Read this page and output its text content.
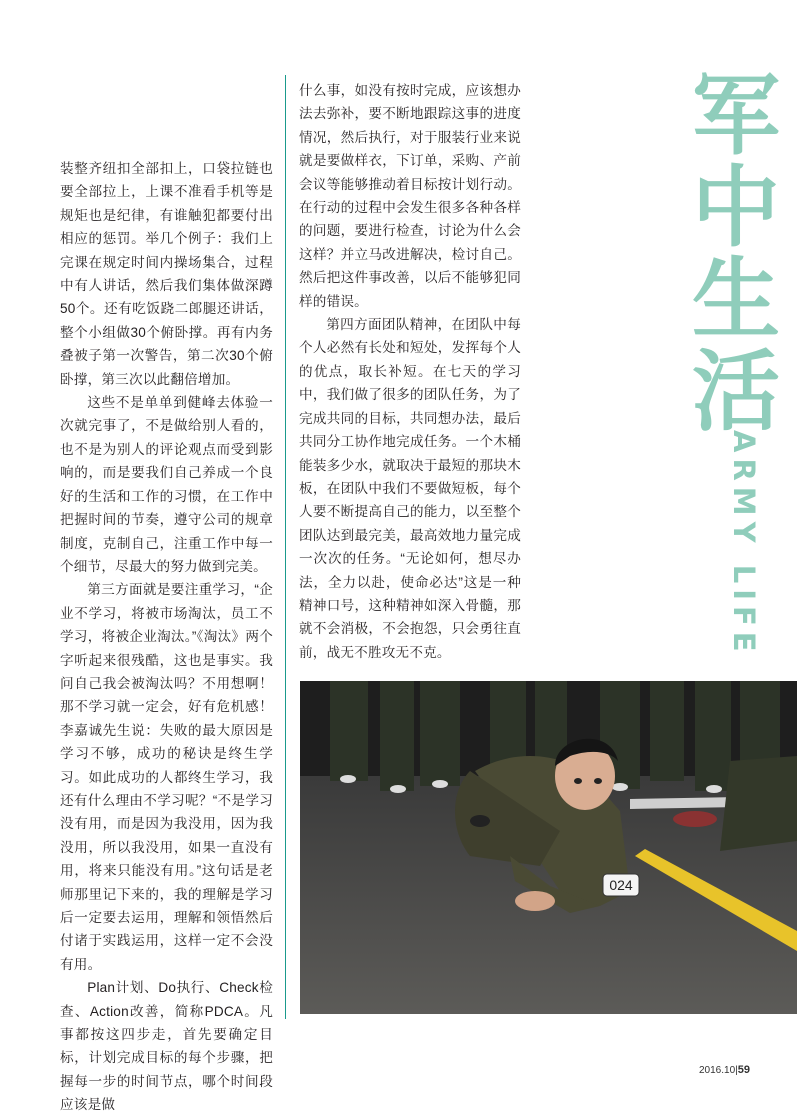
装整齐纽扣全部扣上，口袋拉链也要全部拉上，上课不准看手机等是规矩也是纪律，有谁触犯都要付出相应的惩罚。举几个例子：我们上完课在规定时间内操场集合，过程中有人讲话，然后我们集体做深蹲50个。还有吃饭跷二郎腿还讲话，整个小组做30个俯卧撑。再有内务叠被子第一次警告，第二次30个俯卧撑，第三次以此翻倍增加。

这些不是单单到健峰去体验一次就完事了，不是做给别人看的，也不是为别人的评论观点而受到影响的，而是要我们自己养成一个良好的生活和工作的习惯，在工作中把握时间的节奏，遵守公司的规章制度，克制自己，注重工作中每一个细节，尽最大的努力做到完美。

第三方面就是要注重学习，“企业不学习，将被市场淘汰，员工不学习，将被企业淘汰。”《淘汰》两个字听起来很残酷，这也是事实。我问自己我会被淘汰吗？不用想啊！那不学习就一定会，好有危机感！李嘉诚先生说：失败的最大原因是学习不够，成功的秘诀是终生学习。如此成功的人都终生学习，我还有什么理由不学习呢？“不是学习没有用，而是因为我没用，因为我没用，所以我没用，如果一直没有用，将来只能没有用。”这句话是老师那里记下来的，我的理解是学习后一定要去运用，理解和领悟然后付诸于实践运用，这样一定不会没有用。

Plan计划、Do执行、Check检查、Action改善，简称PDCA。凡事都按这四步走，首先要确定目标，计划完成目标的每个步骤，把握每一步的时间节点，哪个时间段应该是做

什么事，如没有按时完成，应该想办法去弥补，要不断地跟踪这事的进度情况，然后执行，对于服装行业来说就是要做样衣，下订单，采购、产前会议等能够推动着目标按计划行动。在行动的过程中会发生很多各种各样的问题，要进行检查，讨论为什么会这样？并立马改进解决，检讨自己。然后把这件事改善，以后不能够犯同样的错误。

第四方面团队精神，在团队中每个人必然有长处和短处，发挥每个人的优点，取长补短。在七天的学习中，我们做了很多的团队任务，为了完成共同的目标，共同想办法，最后共同分工协作地完成任务。一个木桶能装多少水，就取决于最短的那块木板，在团队中我们不要做短板，每个人要不断提高自己的能力，以至整个团队达到最完美，最高效地力量完成一次次的任务。“无论如何，想尽办法，全力以赴，使命必达”这是一种精神口号，这种精神如深入骨髓，那就不会消极，不会抱怨，只会勇往直前，战无不胜攻无不克。

军
中
生
活
ARMY LIFE
024
2016.10|59
